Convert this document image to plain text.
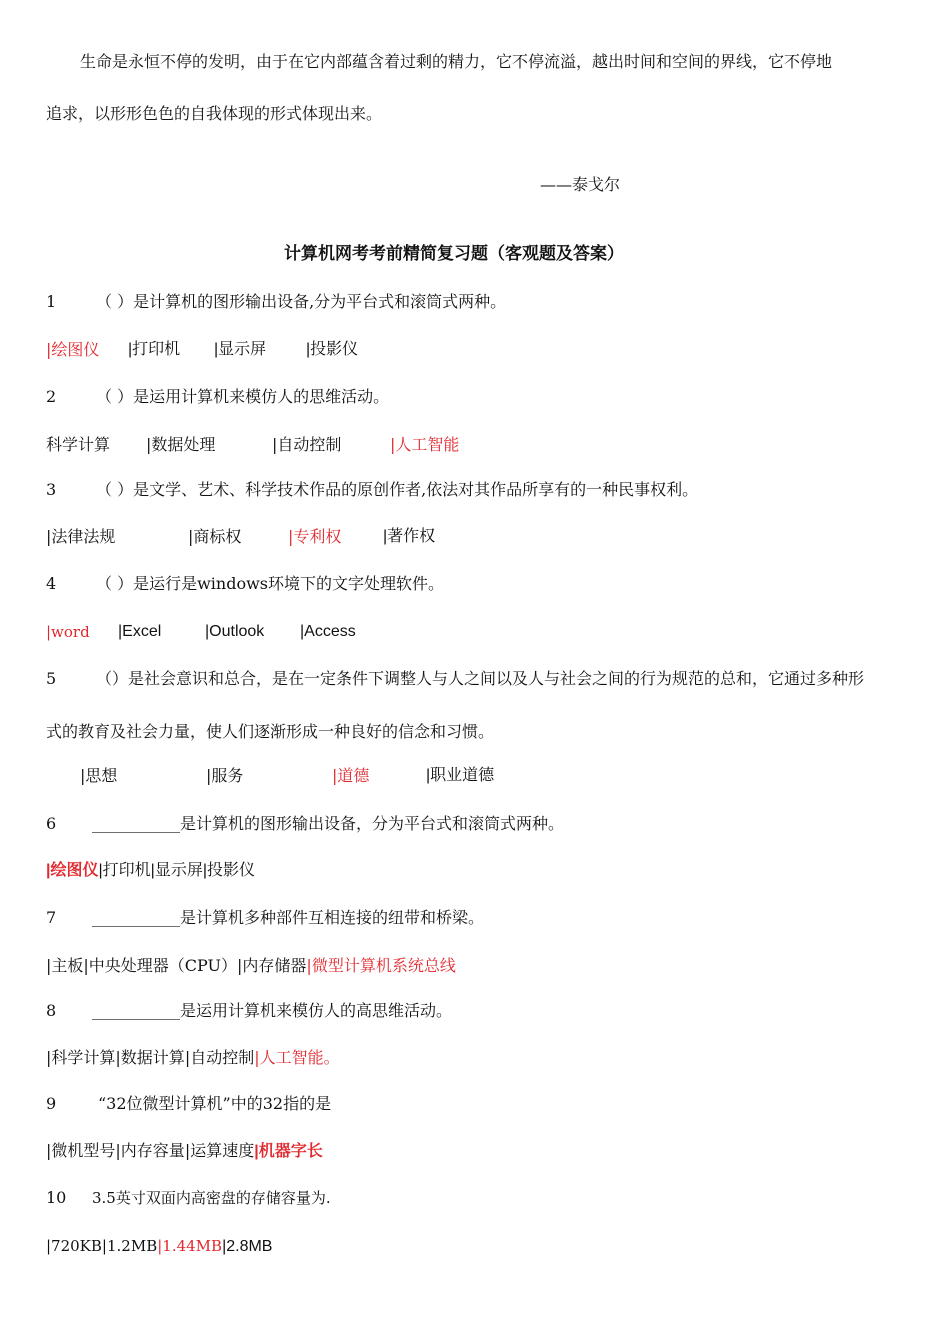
生命是永恒不停的发明，由于在它内部蕴含着过剩的精力，它不停流溢，越出时间和空间的界线，它不停地
追求，以形形色色的自我体现的形式体现出来。
——泰戈尔
计算机网考考前精简复习题（客观题及答案）
1 （ ）是计算机的图形输出设备,分为平台式和滚筒式两种。
|绘图仪 |打印机 |显示屏 |投影仪
2 （ ）是运用计算机来模仿人的思维活动。
科学计算 |数据处理	|自动控制	|人工智能
3 （ ）是文学、艺术、科学技术作品的原创作者,依法对其作品所享有的一种民事权利。
|法律法规	|商标权	|专利权	|著作权
4 （ ）是运行是windows环境下的文字处理软件。
|word |Excel	|Outlook |Access
5 （）是社会意识和总合，是在一定条件下调整人与人之间以及人与社会之间的行为规范的总和，它通过多种形
式的教育及社会力量，使人们逐渐形成一种良好的信念和习惯。
|思想	|服务	|道德	|职业道德
6 ___________是计算机的图形输出设备，分为平台式和滚筒式两种。
|绘图仪|打印机|显示屏|投影仪
7 ___________是计算机多种部件互相连接的纽带和桥梁。
|主板|中央处理器（CPU）|内存储器|微型计算机系统总线
8 ___________是运用计算机来模仿人的高思维活动。
|科学计算|数据计算|自动控制|人工智能。
9	“32位微型计算机”中的32指的是
|微机型号|内存容量|运算速度|机器字长
10 3.5英寸双面内高密盘的存储容量为.
|720KB|1.2MB|1.44MB|2.8MB
